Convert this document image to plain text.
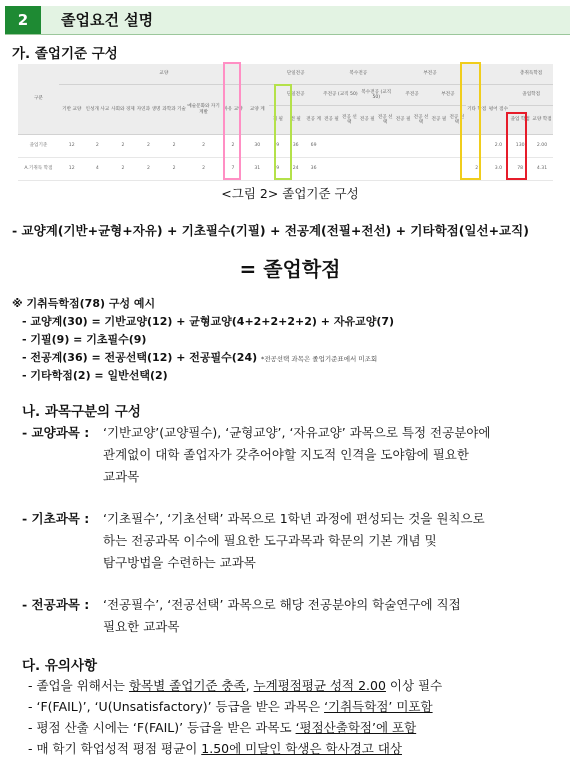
2	졸업요건 설명
가. 졸업기준 구성
구분	교양								단일전공			복수전공				부전공						총취득학점	
	기반 교양	인성개 사교	사회와 경제	자연과 생명	과학과 기술	예술문화와 자기계발	자유 교양	교양 계	단일전공			주전공 (교직 50)		복수전공 (교직 50)		주전공		부전공		기타 학점	평어 점수	졸업학점	
									기 필	전 필	전공 계	전공 필	전공 선택	전공 필	전공 선택	전공 필	전공 선택	전공 필	전공 선택			졸업 학점	교양 학점
졸업기준	12	2	2	2	2	2	2	30	9	36	69										2.0	130	2.00
A.기취득 학점	12	4	2	2	2	2	7	31	9	24	36									2	3.0	78	4.31
<그림 2> 졸업기준 구성
- 교양계(기반+균형+자유) + 기초필수(기필) + 전공계(전필+전선) + 기타학점(일선+교직)
= 졸업학점
※ 기취득학점(78) 구성 예시
- 교양계(30) = 기반교양(12) + 균형교양(4+2+2+2+2) + 자유교양(7)
- 기필(9) = 기초필수(9)
- 전공계(36) = 전공선택(12) + 전공필수(24) *전공선택 과목은 졸업기준표에서 미조회
- 기타학점(2) = 일반선택(2)
나. 과목구분의 구성
- 교양과목 : ‘기반교양’(교양필수), ‘균형교양’, ‘자유교양’ 과목으로 특정 전공분야에
관계없이 대학 졸업자가 갖추어야할 지도적 인격을 도야함에 필요한
교과목
- 기초과목 : ‘기초필수’, ‘기초선택’ 과목으로 1학년 과정에 편성되는 것을 원칙으로
하는 전공과목 이수에 필요한 도구과목과 학문의 기본 개념 및
탐구방법을 수련하는 교과목
- 전공과목 : ‘전공필수’, ‘전공선택’ 과목으로 해당 전공분야의 학술연구에 직접
필요한 교과목
다. 유의사항
- 졸업을 위해서는 항목별 졸업기준 충족, 누계평점평균 성적 2.00 이상 필수
- ‘F(FAIL)’, ‘U(Unsatisfactory)’ 등급을 받은 과목은 ‘기취득학점’ 미포함
- 평점 산출 시에는 ‘F(FAIL)’ 등급을 받은 과목도 ‘평점산출학점’에 포함
- 매 학기 학업성적 평점 평균이 1.50에 미달인 학생은 학사경고 대상
